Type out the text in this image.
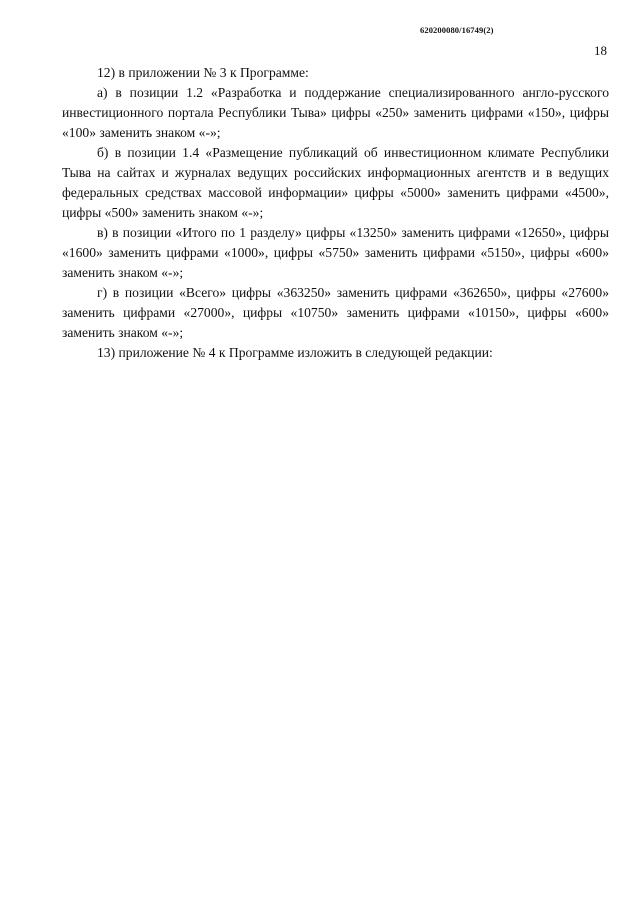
620200080/16749(2)
18

12) в приложении № 3 к Программе:

а) в позиции 1.2 «Разработка и поддержание специализированного англо-русского инвестиционного портала Республики Тыва» цифры «250» заменить цифрами «150», цифры «100» заменить знаком «-»;

б) в позиции 1.4 «Размещение публикаций об инвестиционном климате Республики Тыва на сайтах и журналах ведущих российских информационных агентств и в ведущих федеральных средствах массовой информации» цифры «5000» заменить цифрами «4500», цифры «500» заменить знаком «-»;

в) в позиции «Итого по 1 разделу» цифры «13250» заменить цифрами «12650», цифры «1600» заменить цифрами «1000», цифры «5750» заменить цифрами «5150», цифры «600» заменить знаком «-»;

г) в позиции «Всего» цифры «363250» заменить цифрами «362650», цифры «27600» заменить цифрами «27000», цифры «10750» заменить цифрами «10150», цифры «600» заменить знаком «-»;

13) приложение № 4 к Программе изложить в следующей редакции:
